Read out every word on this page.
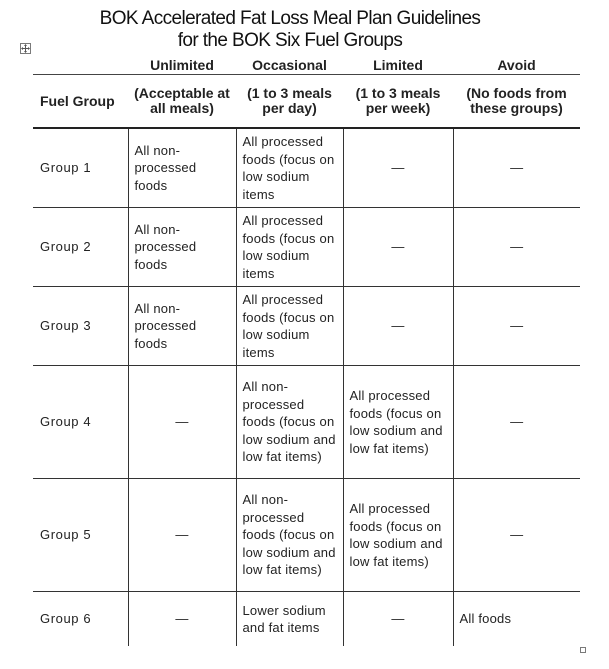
BOK Accelerated Fat Loss Meal Plan Guidelines
for the BOK Six Fuel Groups
	Unlimited	Occasional	Limited	Avoid
Fuel Group	(Acceptable at all meals)	(1 to 3 meals per day)	(1 to 3 meals per week)	(No foods from these groups)
Group 1	All non-processed foods	All processed foods (focus on low sodium items	—	—
Group 2	All non-processed foods	All processed foods (focus on low sodium items	—	—
Group 3	All non-processed foods	All processed foods (focus on low sodium items	—	—
Group 4	—	All non-processed foods (focus on low sodium and low fat items)	All processed foods (focus on low sodium and low fat items)	—
Group 5	—	All non-processed foods (focus on low sodium and low fat items)	All processed foods (focus on low sodium and low fat items)	—
Group 6	—	Lower sodium and fat items	—	All foods
